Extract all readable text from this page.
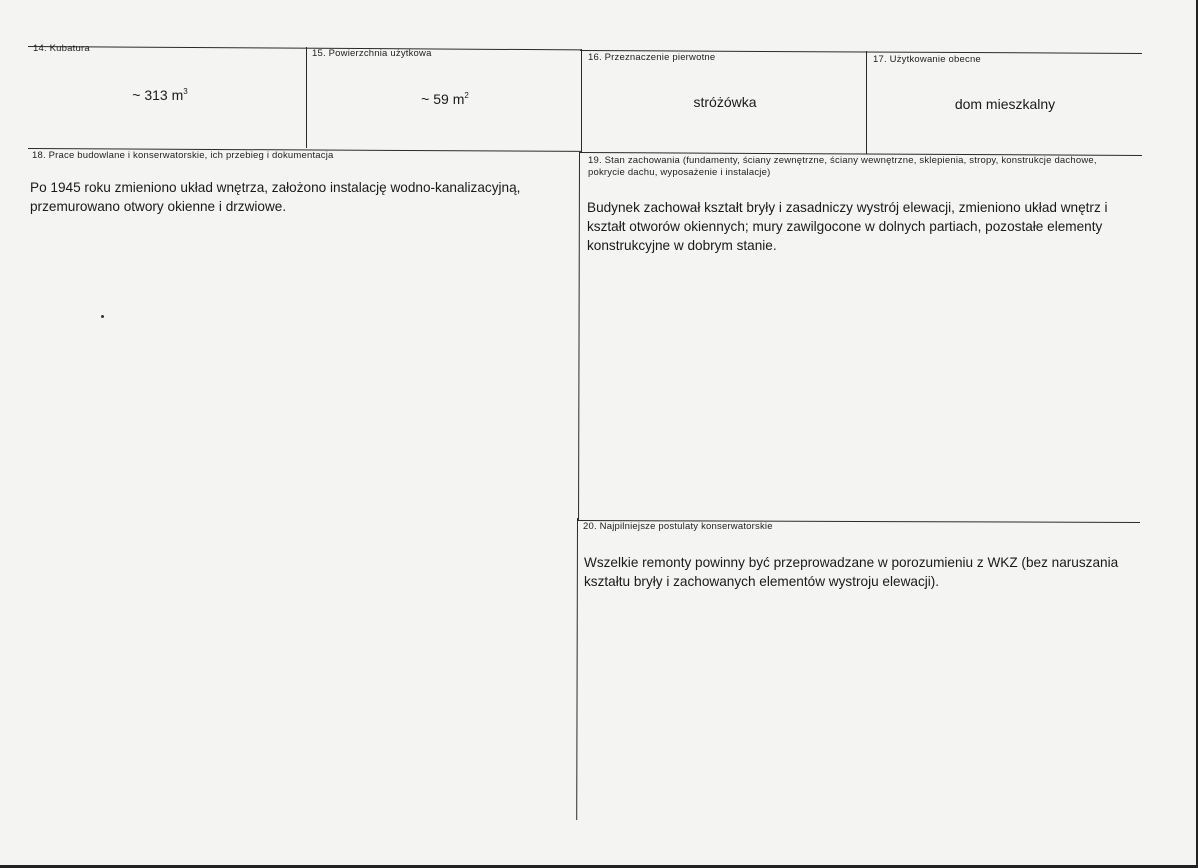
14. Kubatura
~ 313 $m^3$
15. Powierzchnia użytkowa
~ 59 $m^2$
16. Przeznaczenie pierwotne
stróżówka
17. Użytkowanie obecne
dom mieszkalny
18. Prace budowlane i konserwatorskie, ich przebieg i dokumentacja
Po 1945 roku zmieniono układ wnętrza, założono instalację wodno-kanalizacyjną, przemurowano otwory okienne i drzwiowe.
19. Stan zachowania (fundamenty, ściany zewnętrzne, ściany wewnętrzne, sklepienia, stropy, konstrukcje dachowe, pokrycie dachu, wyposażenie i instalacje)
Budynek zachował kształt bryły i zasadniczy wystrój elewacji, zmieniono układ wnętrz i kształt otworów okiennych; mury zawilgocone w dolnych partiach, pozostałe elementy konstrukcyjne w dobrym stanie.
20. Najpilniejsze postulaty konserwatorskie
Wszelkie remonty powinny być przeprowadzane w porozumieniu z WKZ (bez naruszania kształtu bryły i zachowanych elementów wystroju elewacji).
